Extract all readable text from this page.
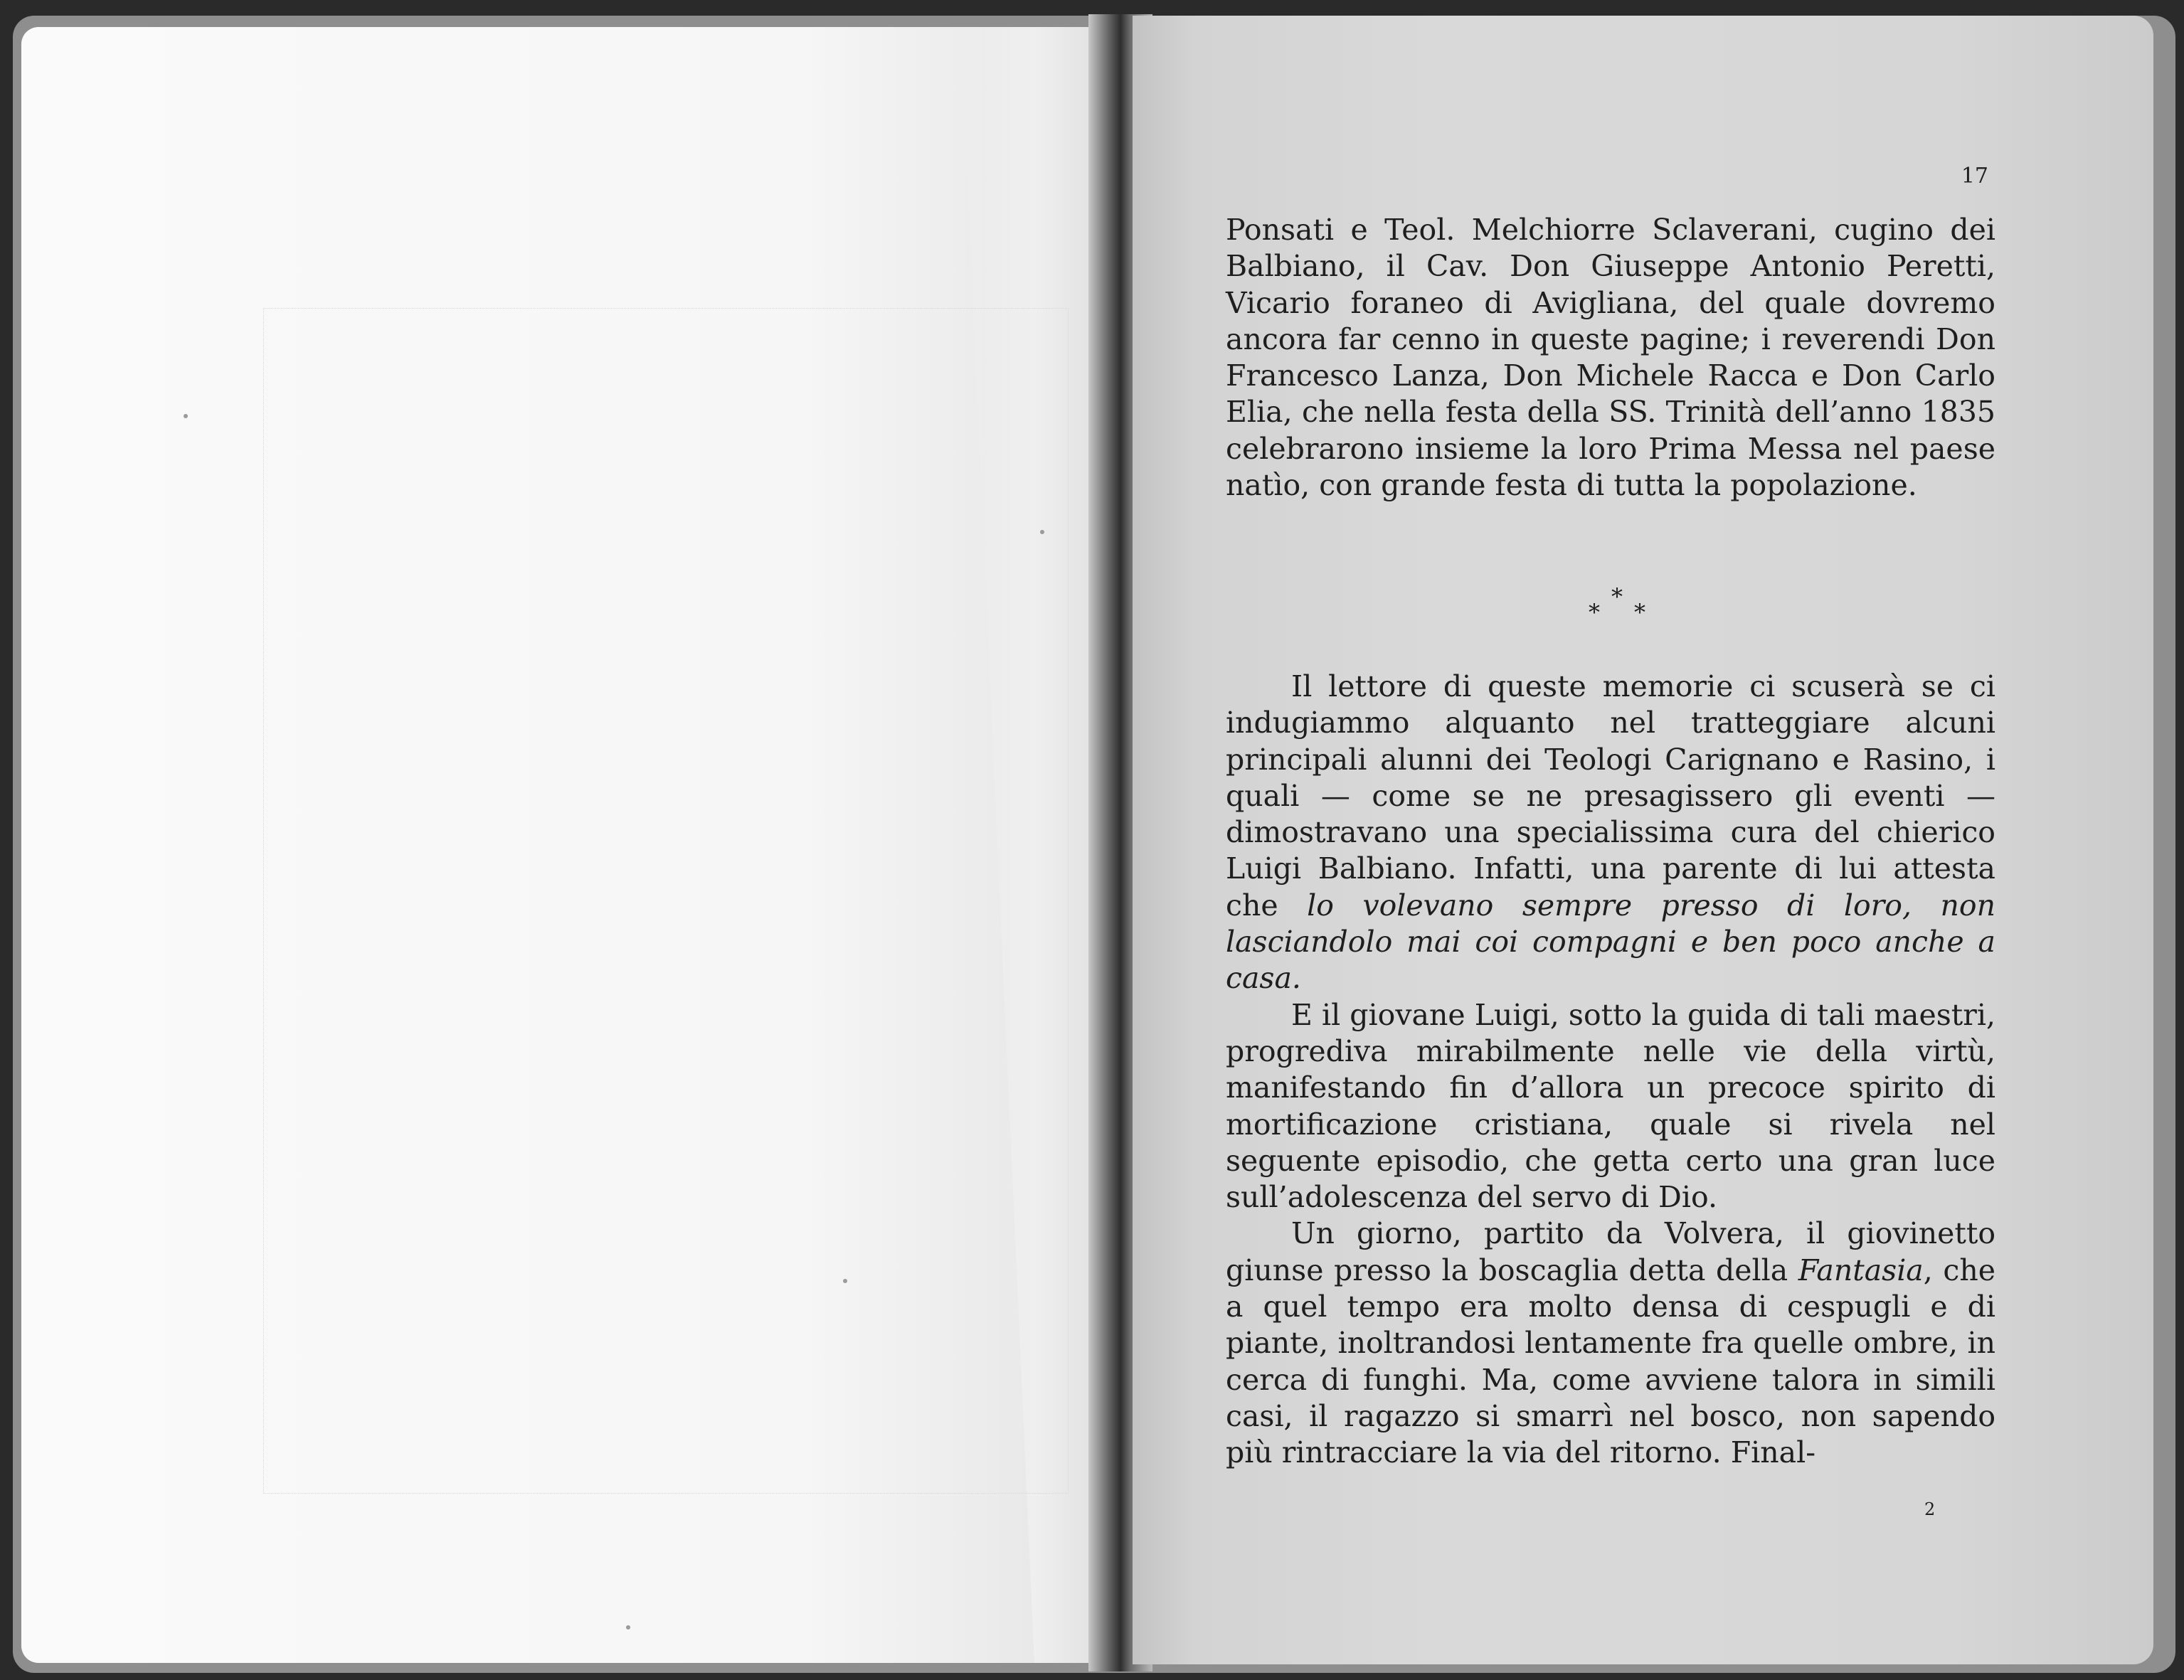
17

Ponsati e Teol. Melchiorre Sclaverani, cugino dei Balbiano, il Cav. Don Giuseppe Antonio Peretti, Vicario foraneo di Avigliana, del quale dovremo ancora far cenno in queste pagine; i reverendi Don Francesco Lanza, Don Michele Racca e Don Carlo Elia, che nella festa della SS. Trinità dell’anno 1835 celebrarono insieme la loro Prima Messa nel paese natìo, con grande festa di tutta la popolazione.

Il lettore di queste memorie ci scuserà se ci indugiammo alquanto nel tratteggiare alcuni principali alunni dei Teologi Carignano e Rasino, i quali — come se ne presagissero gli eventi — dimostravano una specialissima cura del chierico Luigi Balbiano. Infatti, una parente di lui attesta che lo volevano sempre presso di loro, non lasciandolo mai coi compagni e ben poco anche a casa.

E il giovane Luigi, sotto la guida di tali maestri, progrediva mirabilmente nelle vie della virtù, manifestando fin d’allora un precoce spirito di mortificazione cristiana, quale si rivela nel seguente episodio, che getta certo una gran luce sull’adolescenza del servo di Dio.

Un giorno, partito da Volvera, il giovinetto giunse presso la boscaglia detta della Fantasia, che a quel tempo era molto densa di cespugli e di piante, inoltrandosi lentamente fra quelle ombre, in cerca di funghi. Ma, come avviene talora in simili casi, il ragazzo si smarrì nel bosco, non sapendo più rintracciare la via del ritorno. Final-

*
* *
2
